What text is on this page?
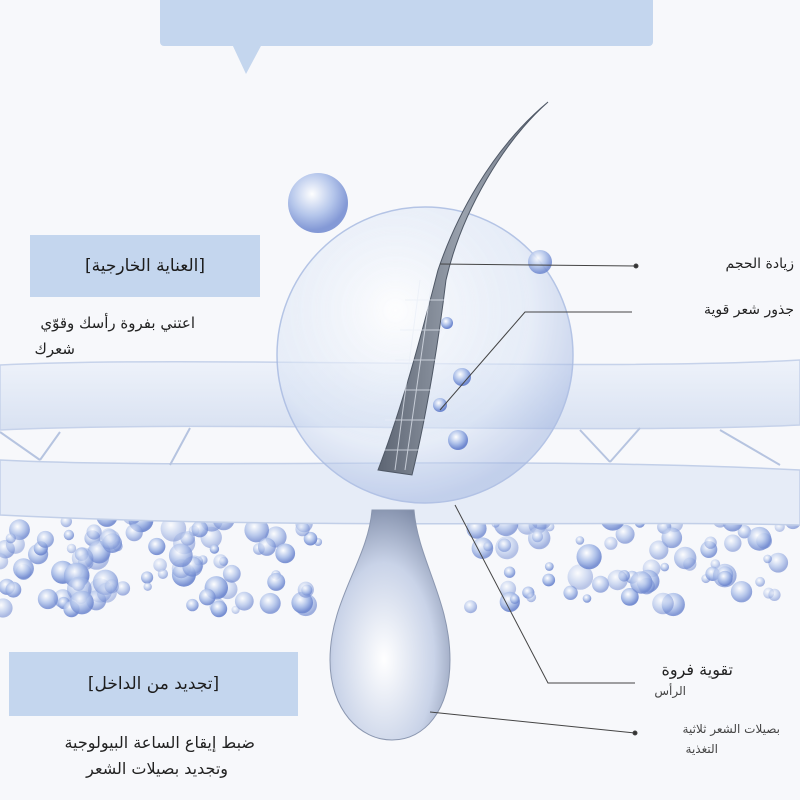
[العناية الخارجية]
اعتني بفروة رأسك وقوّي
شعرك
[تجديد من الداخل]
ضبط إيقاع الساعة البيولوجية
وتجديد بصيلات الشعر
زيادة الحجم
جذور شعر قوية
تقوية فروة
الرأس
بصيلات الشعر ثلاثية
التغذية
